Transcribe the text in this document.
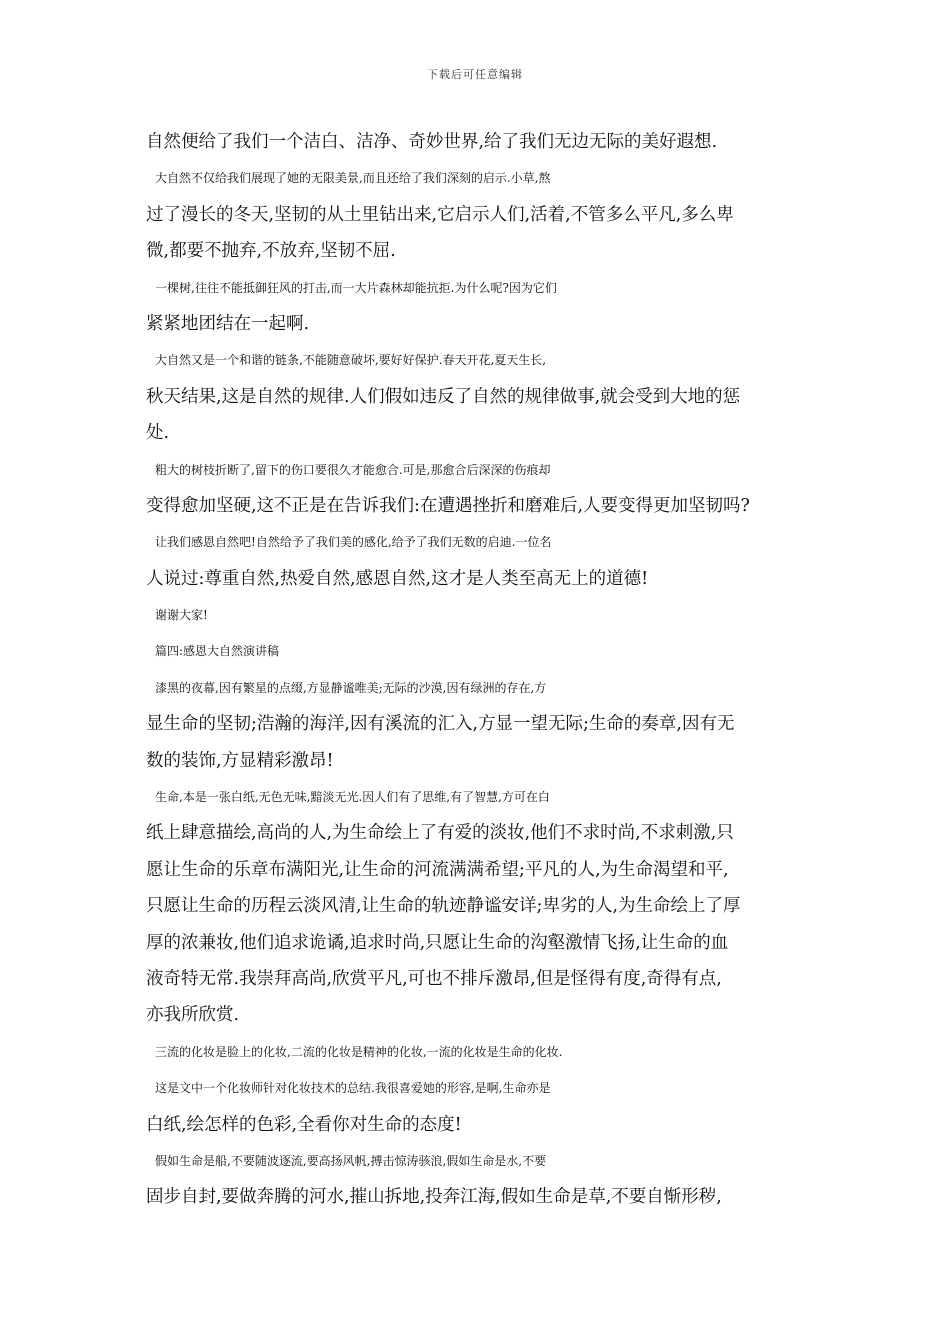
下载后可任意编辑
自然便给了我们一个洁白、洁净、奇妙世界,给了我们无边无际的美好遐想.
大自然不仅给我们展现了她的无限美景,而且还给了我们深刻的启示.小草,熬
过了漫长的冬天,坚韧的从土里钻出来,它启示人们,活着,不管多么平凡,多么卑
微,都要不抛弃,不放弃,坚韧不屈.
一棵树,往往不能抵御狂风的打击,而一大片森林却能抗拒.为什么呢?因为它们
紧紧地团结在一起啊.
大自然又是一个和谐的链条,不能随意破坏,要好好保护.春天开花,夏天生长,
秋天结果,这是自然的规律.人们假如违反了自然的规律做事,就会受到大地的惩
处.
粗大的树枝折断了,留下的伤口要很久才能愈合.可是,那愈合后深深的伤痕却
变得愈加坚硬,这不正是在告诉我们:在遭遇挫折和磨难后,人要变得更加坚韧吗?
让我们感恩自然吧!自然给予了我们美的感化,给予了我们无数的启迪.一位名
人说过:尊重自然,热爱自然,感恩自然,这才是人类至高无上的道德!
谢谢大家!
篇四:感恩大自然演讲稿
漆黑的夜幕,因有繁星的点缀,方显静谧唯美;无际的沙漠,因有绿洲的存在,方
显生命的坚韧;浩瀚的海洋,因有溪流的汇入,方显一望无际;生命的奏章,因有无
数的装饰,方显精彩激昂!
生命,本是一张白纸,无色无味,黯淡无光.因人们有了思维,有了智慧,方可在白
纸上肆意描绘,高尚的人,为生命绘上了有爱的淡妆,他们不求时尚,不求刺激,只
愿让生命的乐章布满阳光,让生命的河流满满希望;平凡的人,为生命渴望和平,
只愿让生命的历程云淡风清,让生命的轨迹静谧安详;卑劣的人,为生命绘上了厚
厚的浓兼妆,他们追求诡谲,追求时尚,只愿让生命的沟壑激情飞扬,让生命的血
液奇特无常.我崇拜高尚,欣赏平凡,可也不排斥激昂,但是怪得有度,奇得有点,
亦我所欣赏.
三流的化妆是脸上的化妆,二流的化妆是精神的化妆,一流的化妆是生命的化妆.
这是文中一个化妆师针对化妆技术的总结.我很喜爱她的形容,是啊,生命亦是
白纸,绘怎样的色彩,全看你对生命的态度!
假如生命是船,不要随波逐流,要高扬风帆,搏击惊涛骇浪,假如生命是水,不要
固步自封,要做奔腾的河水,摧山拆地,投奔江海,假如生命是草,不要自惭形秽,
